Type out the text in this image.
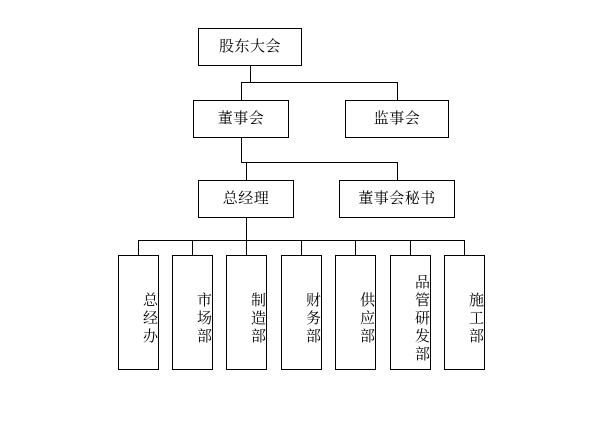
股东大会
董事会	监事会
总经理	董事会秘书
总经办 市场部 制造部	财务部 供应部	品管研发部 施工部
